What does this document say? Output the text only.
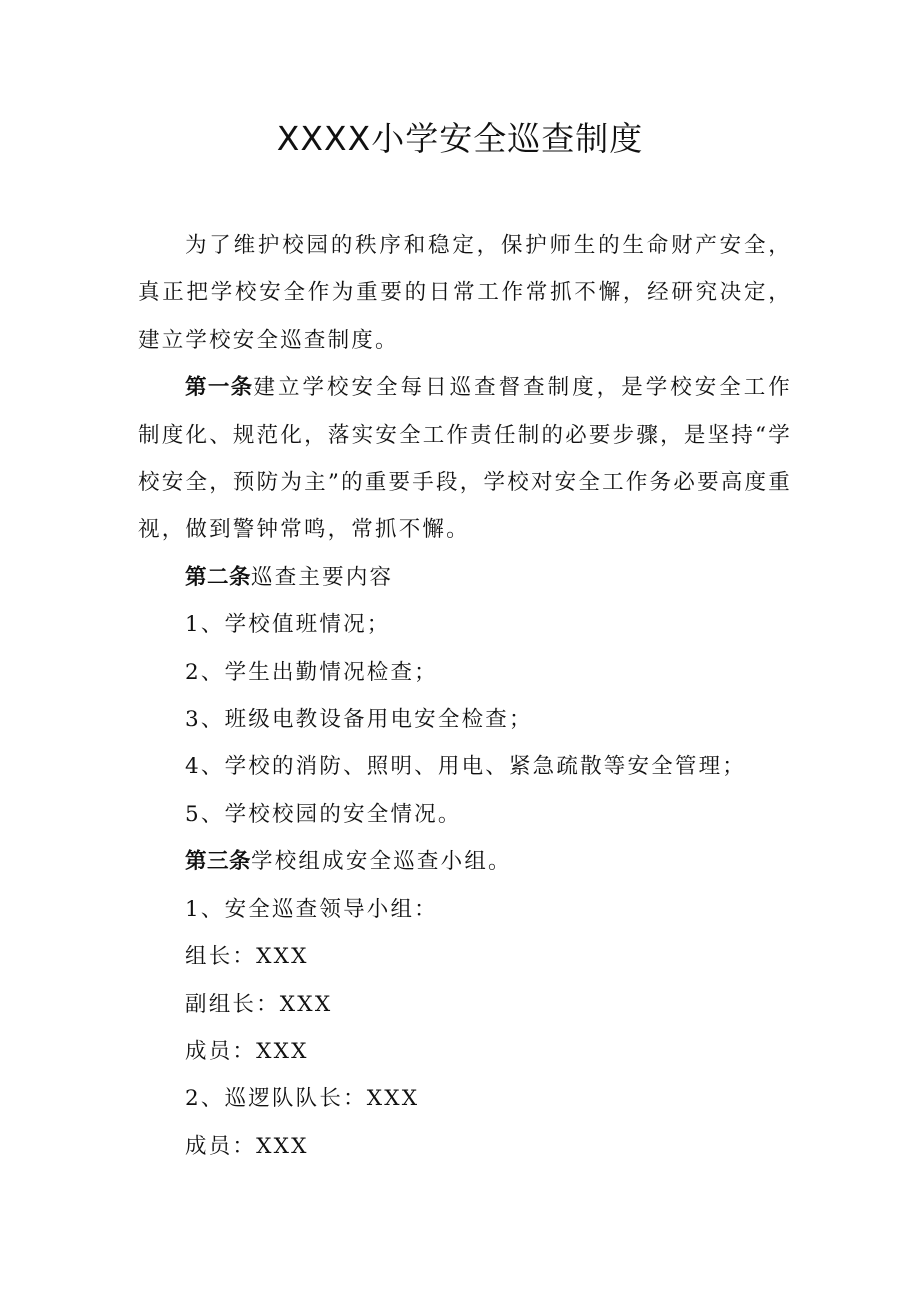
XXXX小学安全巡查制度

为了维护校园的秩序和稳定，保护师生的生命财产安全，真正把学校安全作为重要的日常工作常抓不懈，经研究决定，建立学校安全巡查制度。

第一条建立学校安全每日巡查督查制度，是学校安全工作制度化、规范化，落实安全工作责任制的必要步骤，是坚持“学校安全，预防为主”的重要手段，学校对安全工作务必要高度重视，做到警钟常鸣，常抓不懈。

第二条巡查主要内容

1、学校值班情况；

2、学生出勤情况检查；

3、班级电教设备用电安全检查；

4、学校的消防、照明、用电、紧急疏散等安全管理；

5、学校校园的安全情况。

第三条学校组成安全巡查小组。

1、安全巡查领导小组：

组长：XXX

副组长：XXX

成员：XXX

2、巡逻队队长：XXX

成员：XXX
